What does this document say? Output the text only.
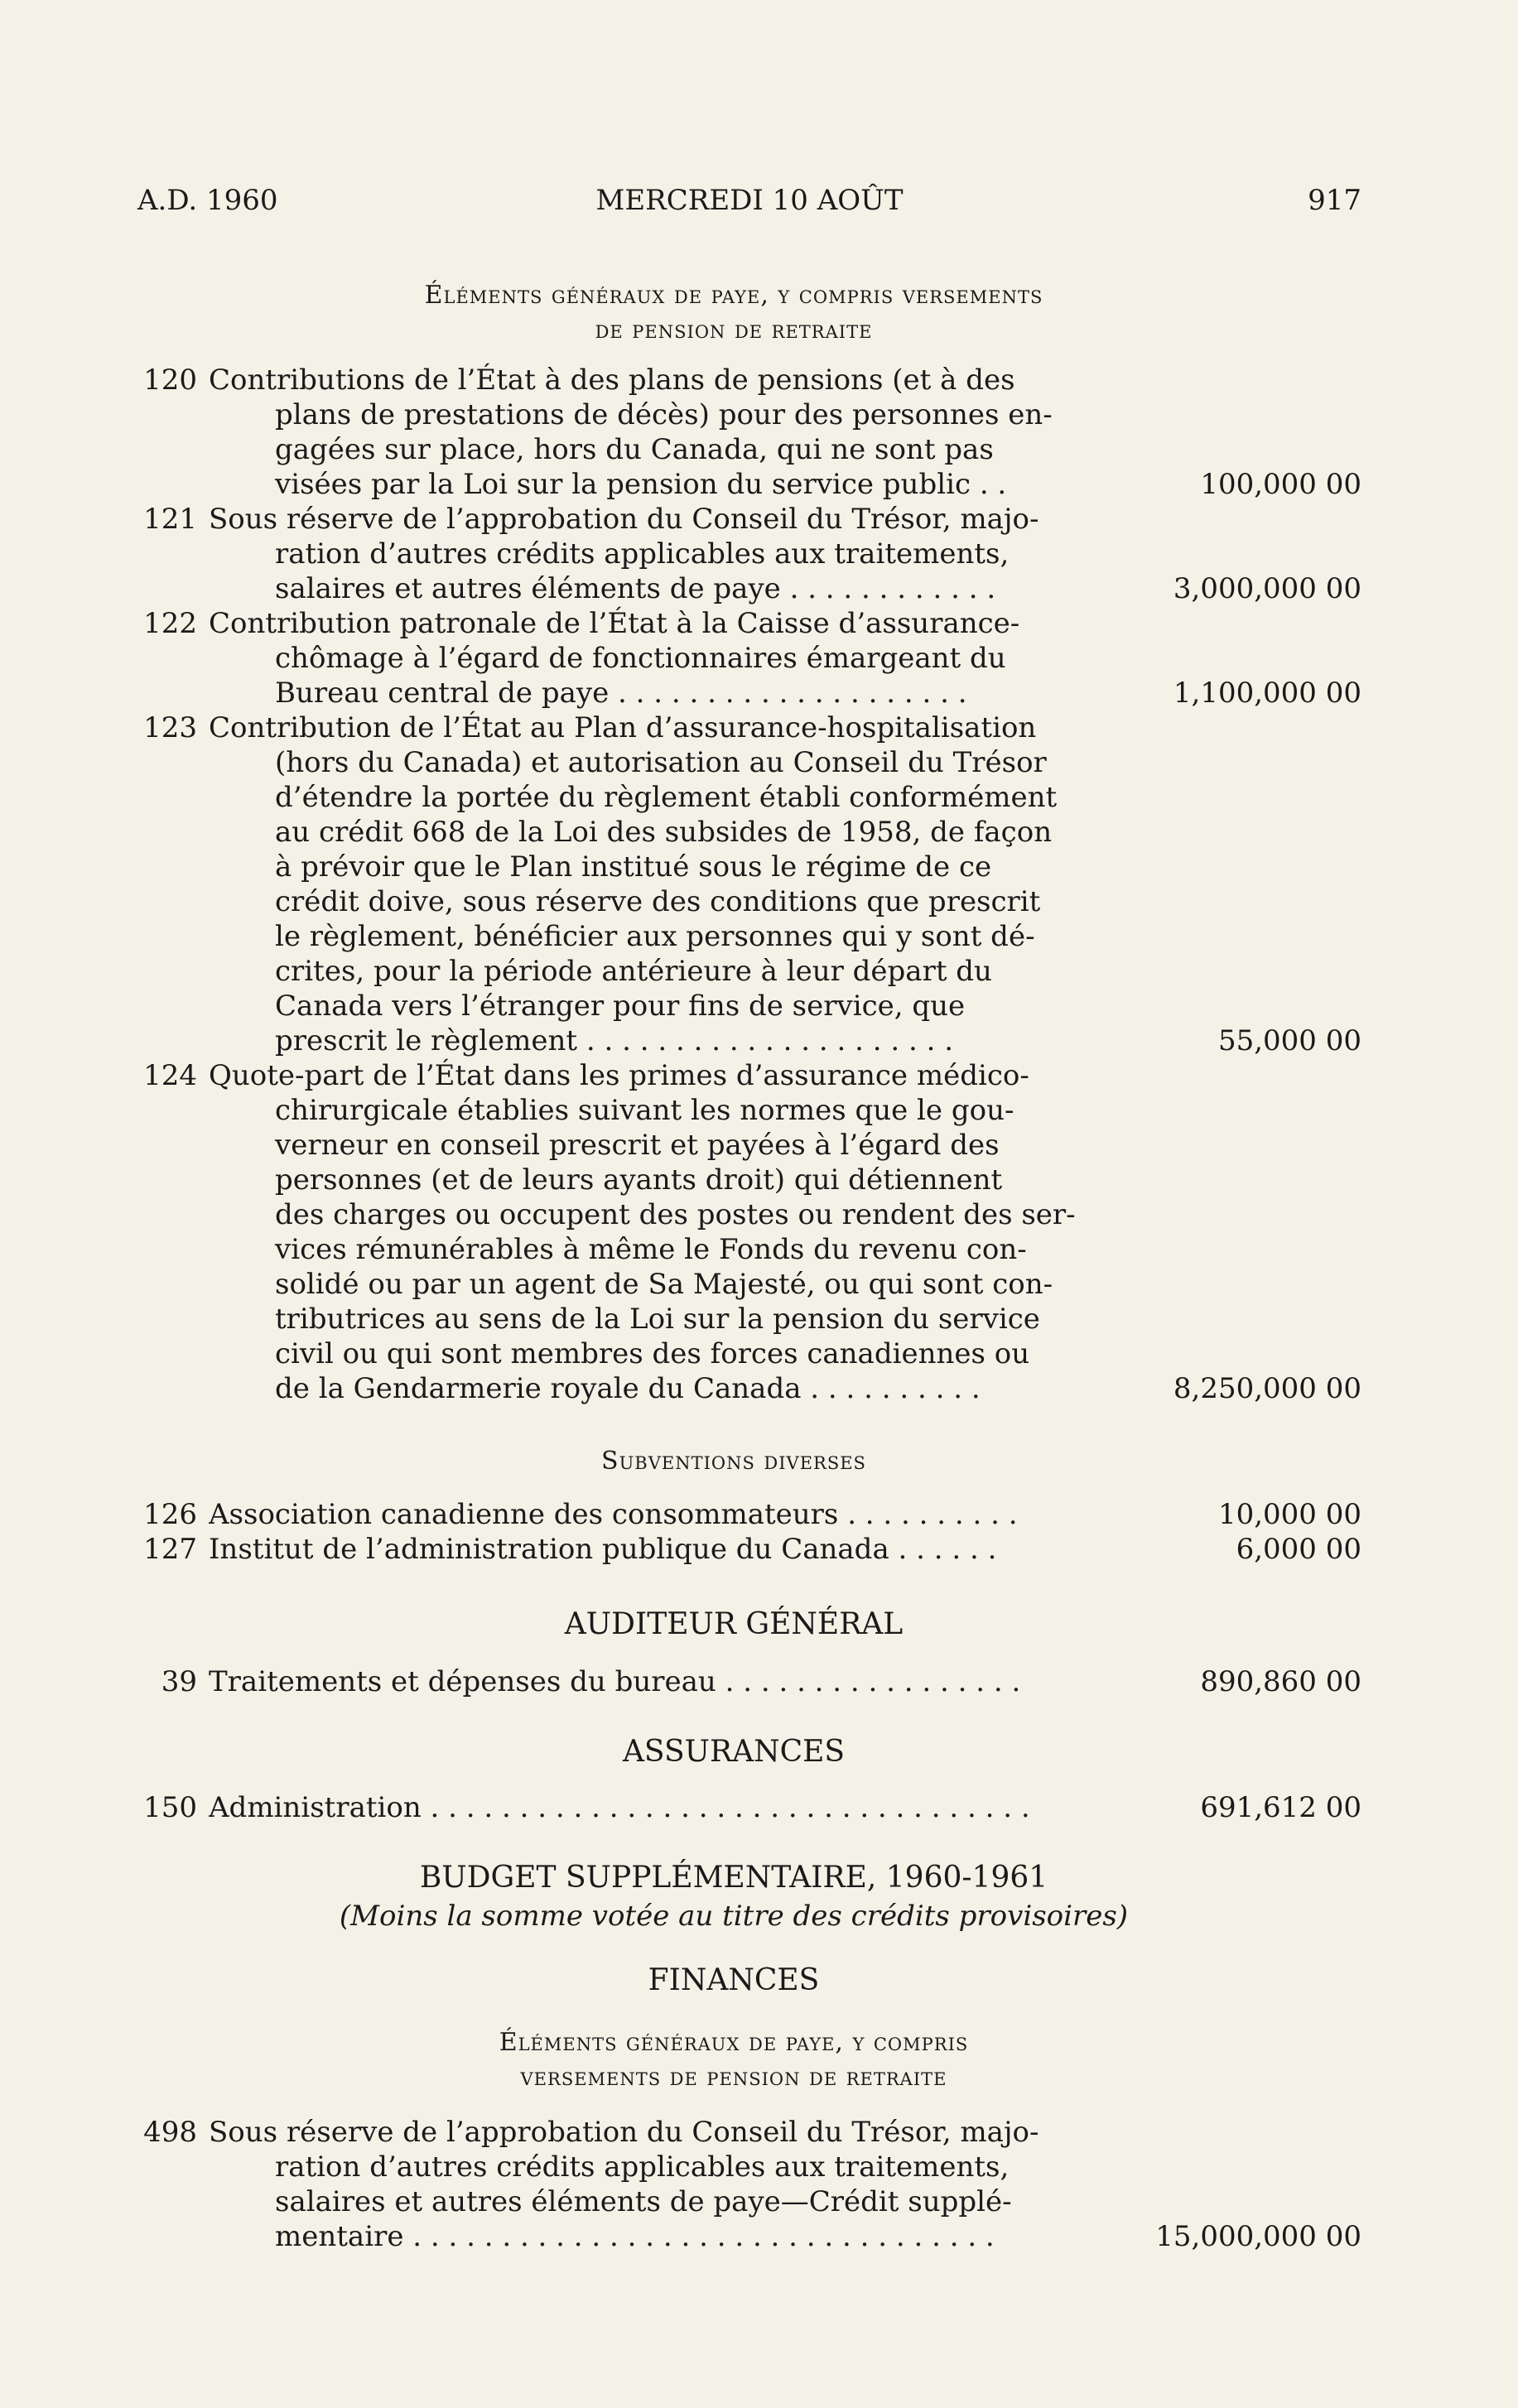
A.D. 1960	MERCREDI 10 AOÛT	917
Éléments généraux de paye, y compris versements
de pension de retraite
120 Contributions de l’État à des plans de pensions (et à des
plans de prestations de décès) pour des personnes en-
gagées sur place, hors du Canada, qui ne sont pas
visées par la Loi sur la pension du service public . .	100,000 00
121 Sous réserve de l’approbation du Conseil du Trésor, majo-
ration d’autres crédits applicables aux traitements,
salaires et autres éléments de paye . . . . . . . . . . . .	3,000,000 00
122 Contribution patronale de l’État à la Caisse d’assurance-
chômage à l’égard de fonctionnaires émargeant du
Bureau central de paye . . . . . . . . . . . . . . . . . . . .	1,100,000 00
123 Contribution de l’État au Plan d’assurance-hospitalisation
(hors du Canada) et autorisation au Conseil du Trésor
d’étendre la portée du règlement établi conformément
au crédit 668 de la Loi des subsides de 1958, de façon
à prévoir que le Plan institué sous le régime de ce
crédit doive, sous réserve des conditions que prescrit
le règlement, bénéficier aux personnes qui y sont dé-
crites, pour la période antérieure à leur départ du
Canada vers l’étranger pour fins de service, que
prescrit le règlement . . . . . . . . . . . . . . . . . . . . .	55,000 00
124 Quote-part de l’État dans les primes d’assurance médico-
chirurgicale établies suivant les normes que le gou-
verneur en conseil prescrit et payées à l’égard des
personnes (et de leurs ayants droit) qui détiennent
des charges ou occupent des postes ou rendent des ser-
vices rémunérables à même le Fonds du revenu con-
solidé ou par un agent de Sa Majesté, ou qui sont con-
tributrices au sens de la Loi sur la pension du service
civil ou qui sont membres des forces canadiennes ou
de la Gendarmerie royale du Canada . . . . . . . . . .	8,250,000 00
Subventions diverses
126 Association canadienne des consommateurs . . . . . . . . . .	10,000 00
127 Institut de l’administration publique du Canada . . . . . .	6,000 00
AUDITEUR GÉNÉRAL
39 Traitements et dépenses du bureau . . . . . . . . . . . . . . . . .	890,860 00
ASSURANCES
150 Administration . . . . . . . . . . . . . . . . . . . . . . . . . . . . . . . . . .	691,612 00
BUDGET SUPPLÉMENTAIRE, 1960-1961
(Moins la somme votée au titre des crédits provisoires)
FINANCES
Éléments généraux de paye, y compris
versements de pension de retraite
498 Sous réserve de l’approbation du Conseil du Trésor, majo-
ration d’autres crédits applicables aux traitements,
salaires et autres éléments de paye—Crédit supplé-
mentaire . . . . . . . . . . . . . . . . . . . . . . . . . . . . . . . . .	15,000,000 00
